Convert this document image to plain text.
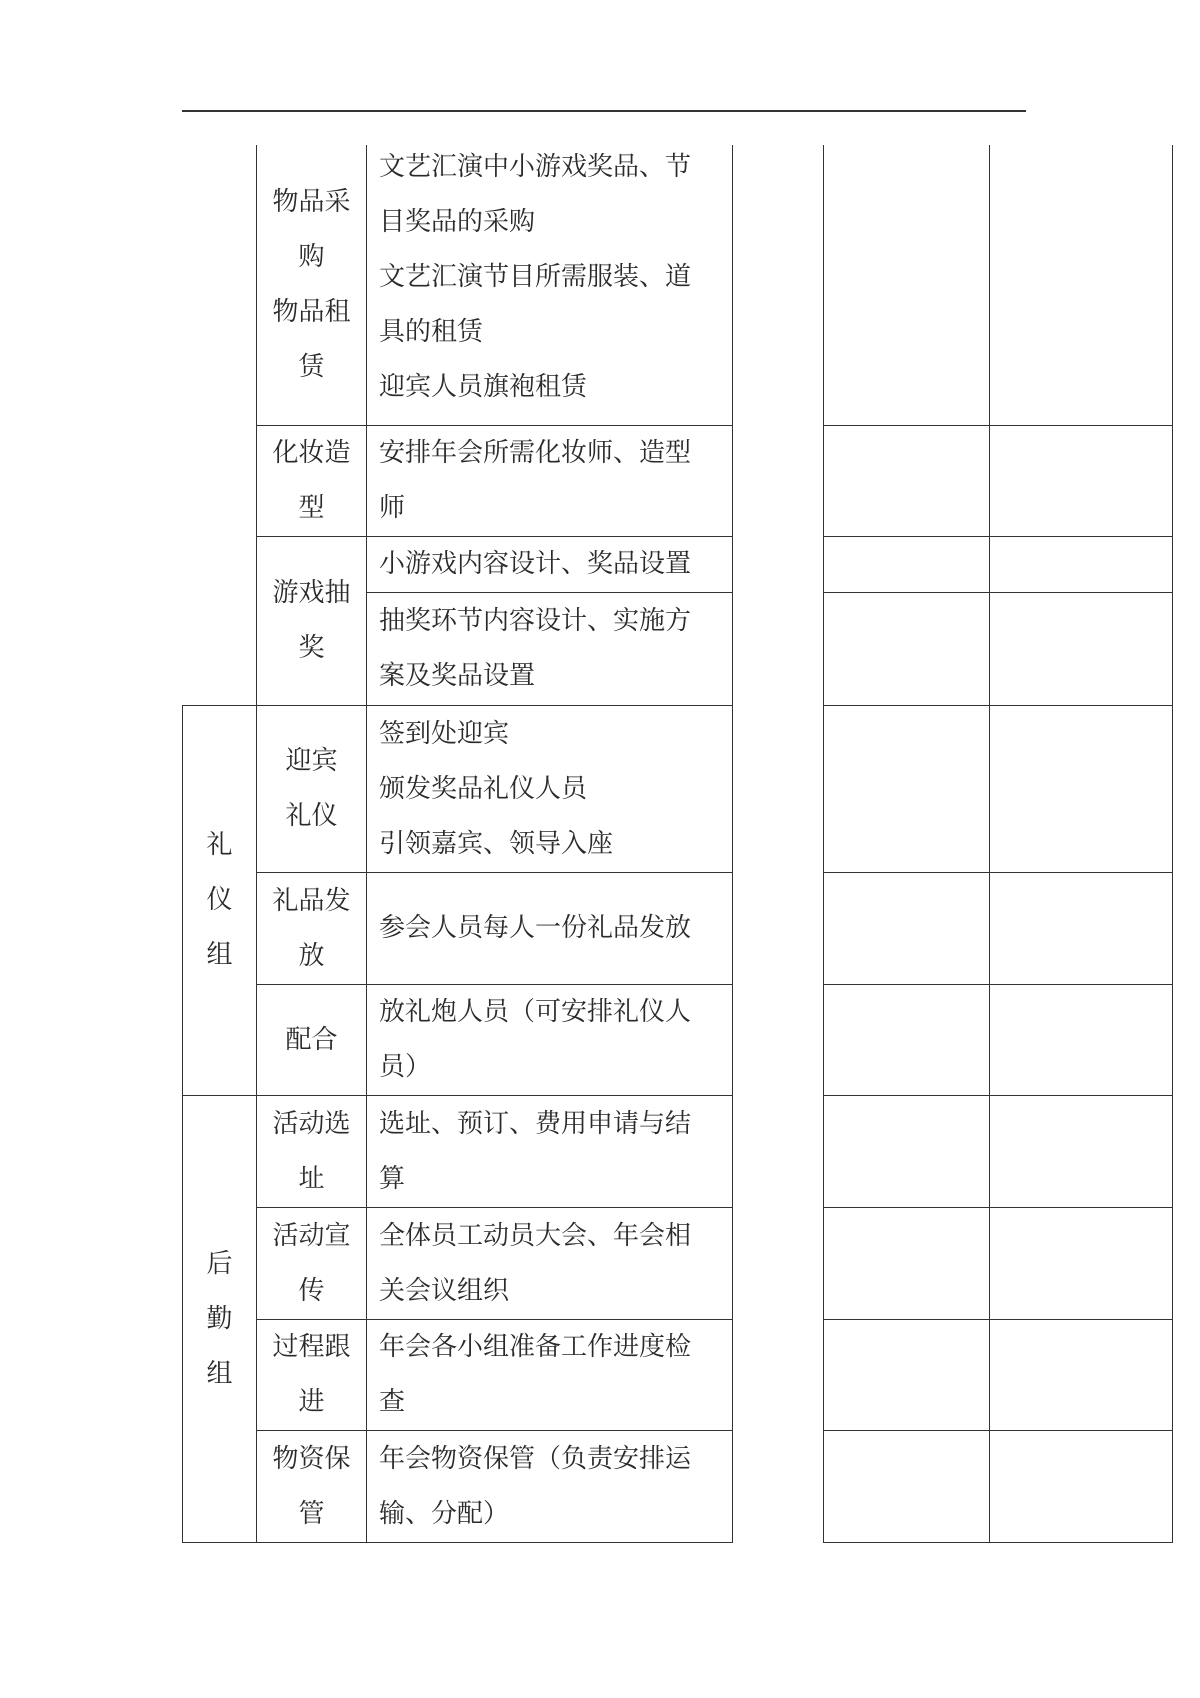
礼
仪
组
后
勤
组
物品采
购
物品租
赁
文艺汇演中小游戏奖品、节
目奖品的采购
文艺汇演节目所需服装、道
具的租赁
迎宾人员旗袍租赁
化妆造
型
安排年会所需化妆师、造型
师
游戏抽
奖
小游戏内容设计、奖品设置
抽奖环节内容设计、实施方
案及奖品设置
迎宾
礼仪
签到处迎宾
颁发奖品礼仪人员
引领嘉宾、领导入座
礼品发
放
参会人员每人一份礼品发放
配合
放礼炮人员（可安排礼仪人
员）
活动选
址
选址、预订、费用申请与结
算
活动宣
传
全体员工动员大会、年会相
关会议组织
过程跟
进
年会各小组准备工作进度检
查
物资保
管
年会物资保管（负责安排运
输、分配）
